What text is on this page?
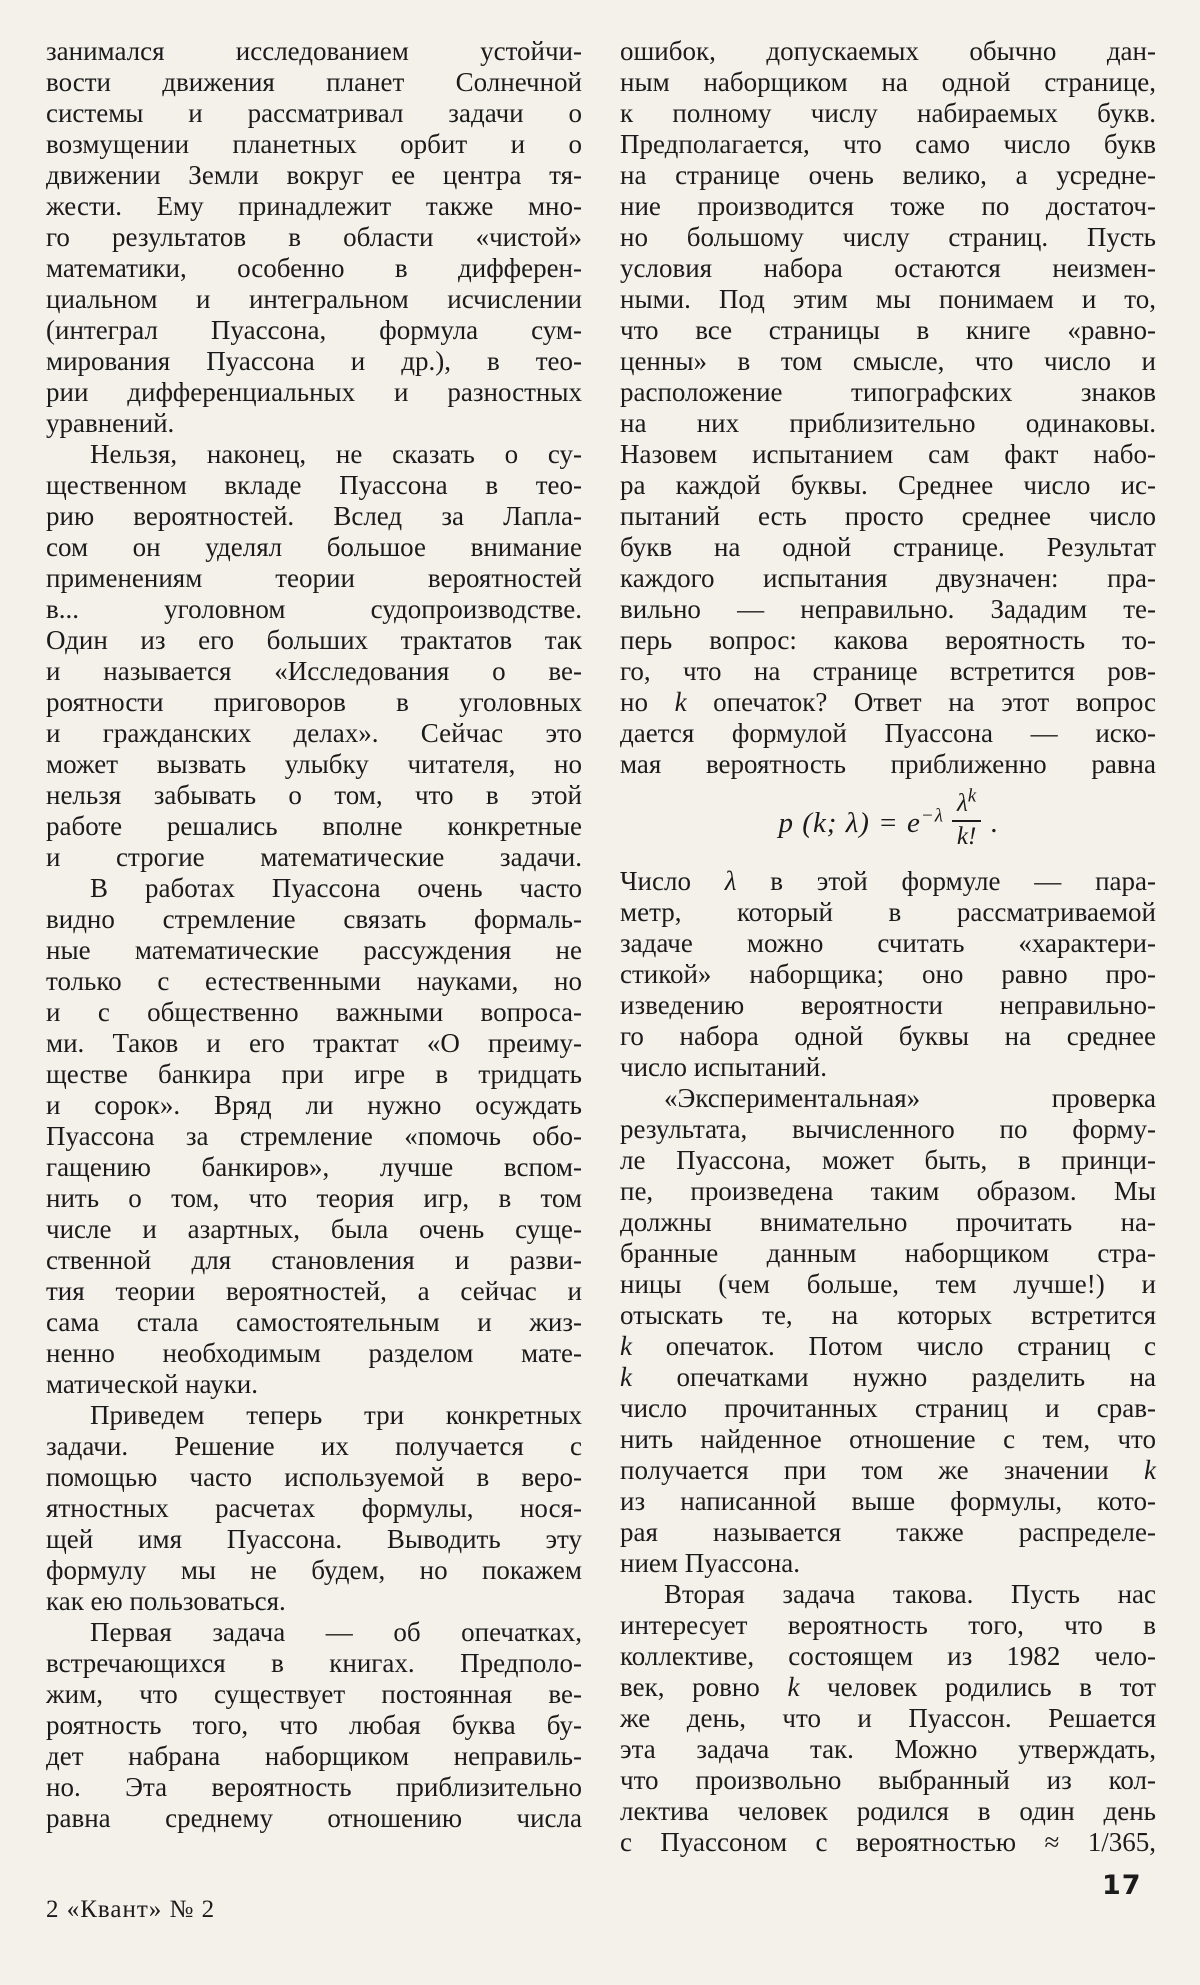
занимался исследованием устойчи-
вости движения планет Солнечной
системы и рассматривал задачи о
возмущении планетных орбит и о
движении Земли вокруг ее центра тя-
жести. Ему принадлежит также мно-
го результатов в области «чистой»
математики, особенно в дифферен-
циальном и интегральном исчислении
(интеграл Пуассона, формула сум-
мирования Пуассона и др.), в тео-
рии дифференциальных и разностных
уравнений.
Нельзя, наконец, не сказать о су-
щественном вкладе Пуассона в тео-
рию вероятностей. Вслед за Лапла-
сом он уделял большое внимание
применениям теории вероятностей
в... уголовном судопроизводстве.
Один из его больших трактатов так
и называется «Исследования о ве-
роятности приговоров в уголовных
и гражданских делах». Сейчас это
может вызвать улыбку читателя, но
нельзя забывать о том, что в этой
работе решались вполне конкретные
и строгие математические задачи.
В работах Пуассона очень часто
видно стремление связать формаль-
ные математические рассуждения не
только с естественными науками, но
и с общественно важными вопроса-
ми. Таков и его трактат «О преиму-
ществе банкира при игре в тридцать
и сорок». Вряд ли нужно осуждать
Пуассона за стремление «помочь обо-
гащению банкиров», лучше вспом-
нить о том, что теория игр, в том
числе и азартных, была очень суще-
ственной для становления и разви-
тия теории вероятностей, а сейчас и
сама стала самостоятельным и жиз-
ненно необходимым разделом мате-
матической науки.
Приведем теперь три конкретных
задачи. Решение их получается с
помощью часто используемой в веро-
ятностных расчетах формулы, нося-
щей имя Пуассона. Выводить эту
формулу мы не будем, но покажем
как ею пользоваться.
Первая задача — об опечатках,
встречающихся в книгах. Предполо-
жим, что существует постоянная ве-
роятность того, что любая буква бу-
дет набрана наборщиком неправиль-
но. Эта вероятность приблизительно
равна среднему отношению числа
ошибок, допускаемых обычно дан-
ным наборщиком на одной странице,
к полному числу набираемых букв.
Предполагается, что само число букв
на странице очень велико, а усредне-
ние производится тоже по достаточ-
но большому числу страниц. Пусть
условия набора остаются неизмен-
ными. Под этим мы понимаем и то,
что все страницы в книге «равно-
ценны» в том смысле, что число и
расположение типографских знаков
на них приблизительно одинаковы.
Назовем испытанием сам факт набо-
ра каждой буквы. Среднее число ис-
пытаний есть просто среднее число
букв на одной странице. Результат
каждого испытания двузначен: пра-
вильно — неправильно. Зададим те-
перь вопрос: какова вероятность то-
го, что на странице встретится ров-
но k опечаток? Ответ на этот вопрос
дается формулой Пуассона — иско-
мая вероятность приближенно равна
p (k; $\lambda) = e^{-\lambda} \frac{\lambda^k}{k!}$ .
Число λ в этой формуле — пара-
метр, который в рассматриваемой
задаче можно считать «характери-
стикой» наборщика; оно равно про-
изведению вероятности неправильно-
го набора одной буквы на среднее
число испытаний.
«Экспериментальная» проверка
результата, вычисленного по форму-
ле Пуассона, может быть, в принци-
пе, произведена таким образом. Мы
должны внимательно прочитать на-
бранные данным наборщиком стра-
ницы (чем больше, тем лучше!) и
отыскать те, на которых встретится
k опечаток. Потом число страниц с
k опечатками нужно разделить на
число прочитанных страниц и срав-
нить найденное отношение с тем, что
получается при том же значении k
из написанной выше формулы, кото-
рая называется также распределе-
нием Пуассона.
Вторая задача такова. Пусть нас
интересует вероятность того, что в
коллективе, состоящем из 1982 чело-
век, ровно k человек родились в тот
же день, что и Пуассон. Решается
эта задача так. Можно утверждать,
что произвольно выбранный из кол-
лектива человек родился в один день
с Пуассоном с вероятностью ≈ 1/365,
2 «Квант» № 2
17
